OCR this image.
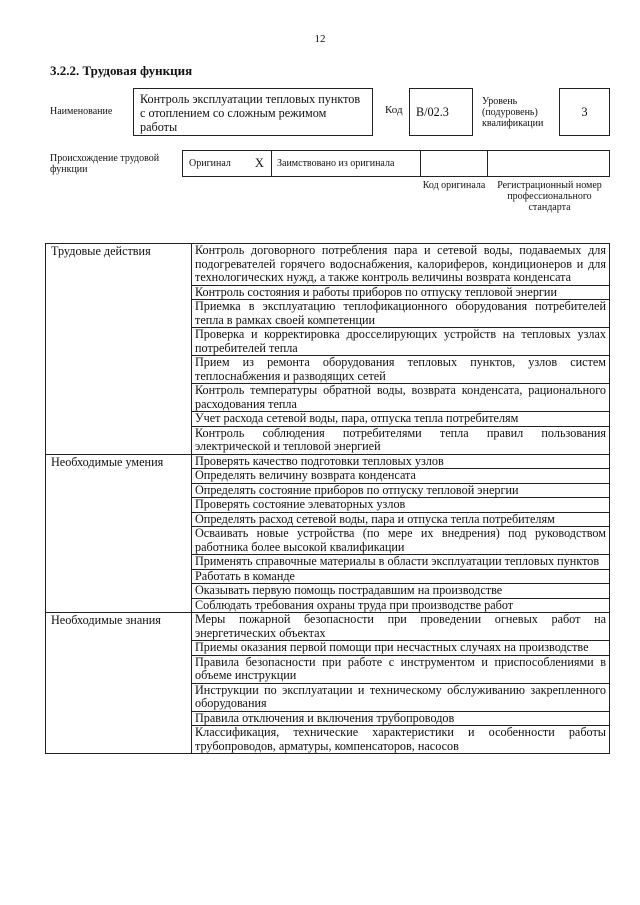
12
3.2.2. Трудовая функция
Наименование
Контроль эксплуатации тепловых пунктов с отоплением со сложным режимом работы
Код В/02.3
Уровень (подуровень) квалификации
3
Происхождение трудовой функции
Оригинал X Заимствовано из оригинала
Код оригинала	Регистрационный номер профессионального стандарта
Трудовые действия	Контроль договорного потребления пара и сетевой воды, подаваемых для подогревателей горячего водоснабжения, калориферов, кондиционеров и для технологических нужд, а также контроль величины возврата конденсата
	Контроль состояния и работы приборов по отпуску тепловой энергии
	Приемка в эксплуатацию теплофикационного оборудования потребителей тепла в рамках своей компетенции
	Проверка и корректировка дросселирующих устройств на тепловых узлах потребителей тепла
	Прием из ремонта оборудования тепловых пунктов, узлов систем теплоснабжения и разводящих сетей
	Контроль температуры обратной воды, возврата конденсата, рационального расходования тепла
	Учет расхода сетевой воды, пара, отпуска тепла потребителям
	Контроль соблюдения потребителями тепла правил пользования электрической и тепловой энергией
Необходимые умения	Проверять качество подготовки тепловых узлов
	Определять величину возврата конденсата
	Определять состояние приборов по отпуску тепловой энергии
	Проверять состояние элеваторных узлов
	Определять расход сетевой воды, пара и отпуска тепла потребителям
	Осваивать новые устройства (по мере их внедрения) под руководством работника более высокой квалификации
	Применять справочные материалы в области эксплуатации тепловых пунктов
	Работать в команде
	Оказывать первую помощь пострадавшим на производстве
	Соблюдать требования охраны труда при производстве работ
Необходимые знания	Меры пожарной безопасности при проведении огневых работ на энергетических объектах
	Приемы оказания первой помощи при несчастных случаях на производстве
	Правила безопасности при работе с инструментом и приспособлениями в объеме инструкции
	Инструкции по эксплуатации и техническому обслуживанию закрепленного оборудования
	Правила отключения и включения трубопроводов
	Классификация, технические характеристики и особенности работы трубопроводов, арматуры, компенсаторов, насосов
